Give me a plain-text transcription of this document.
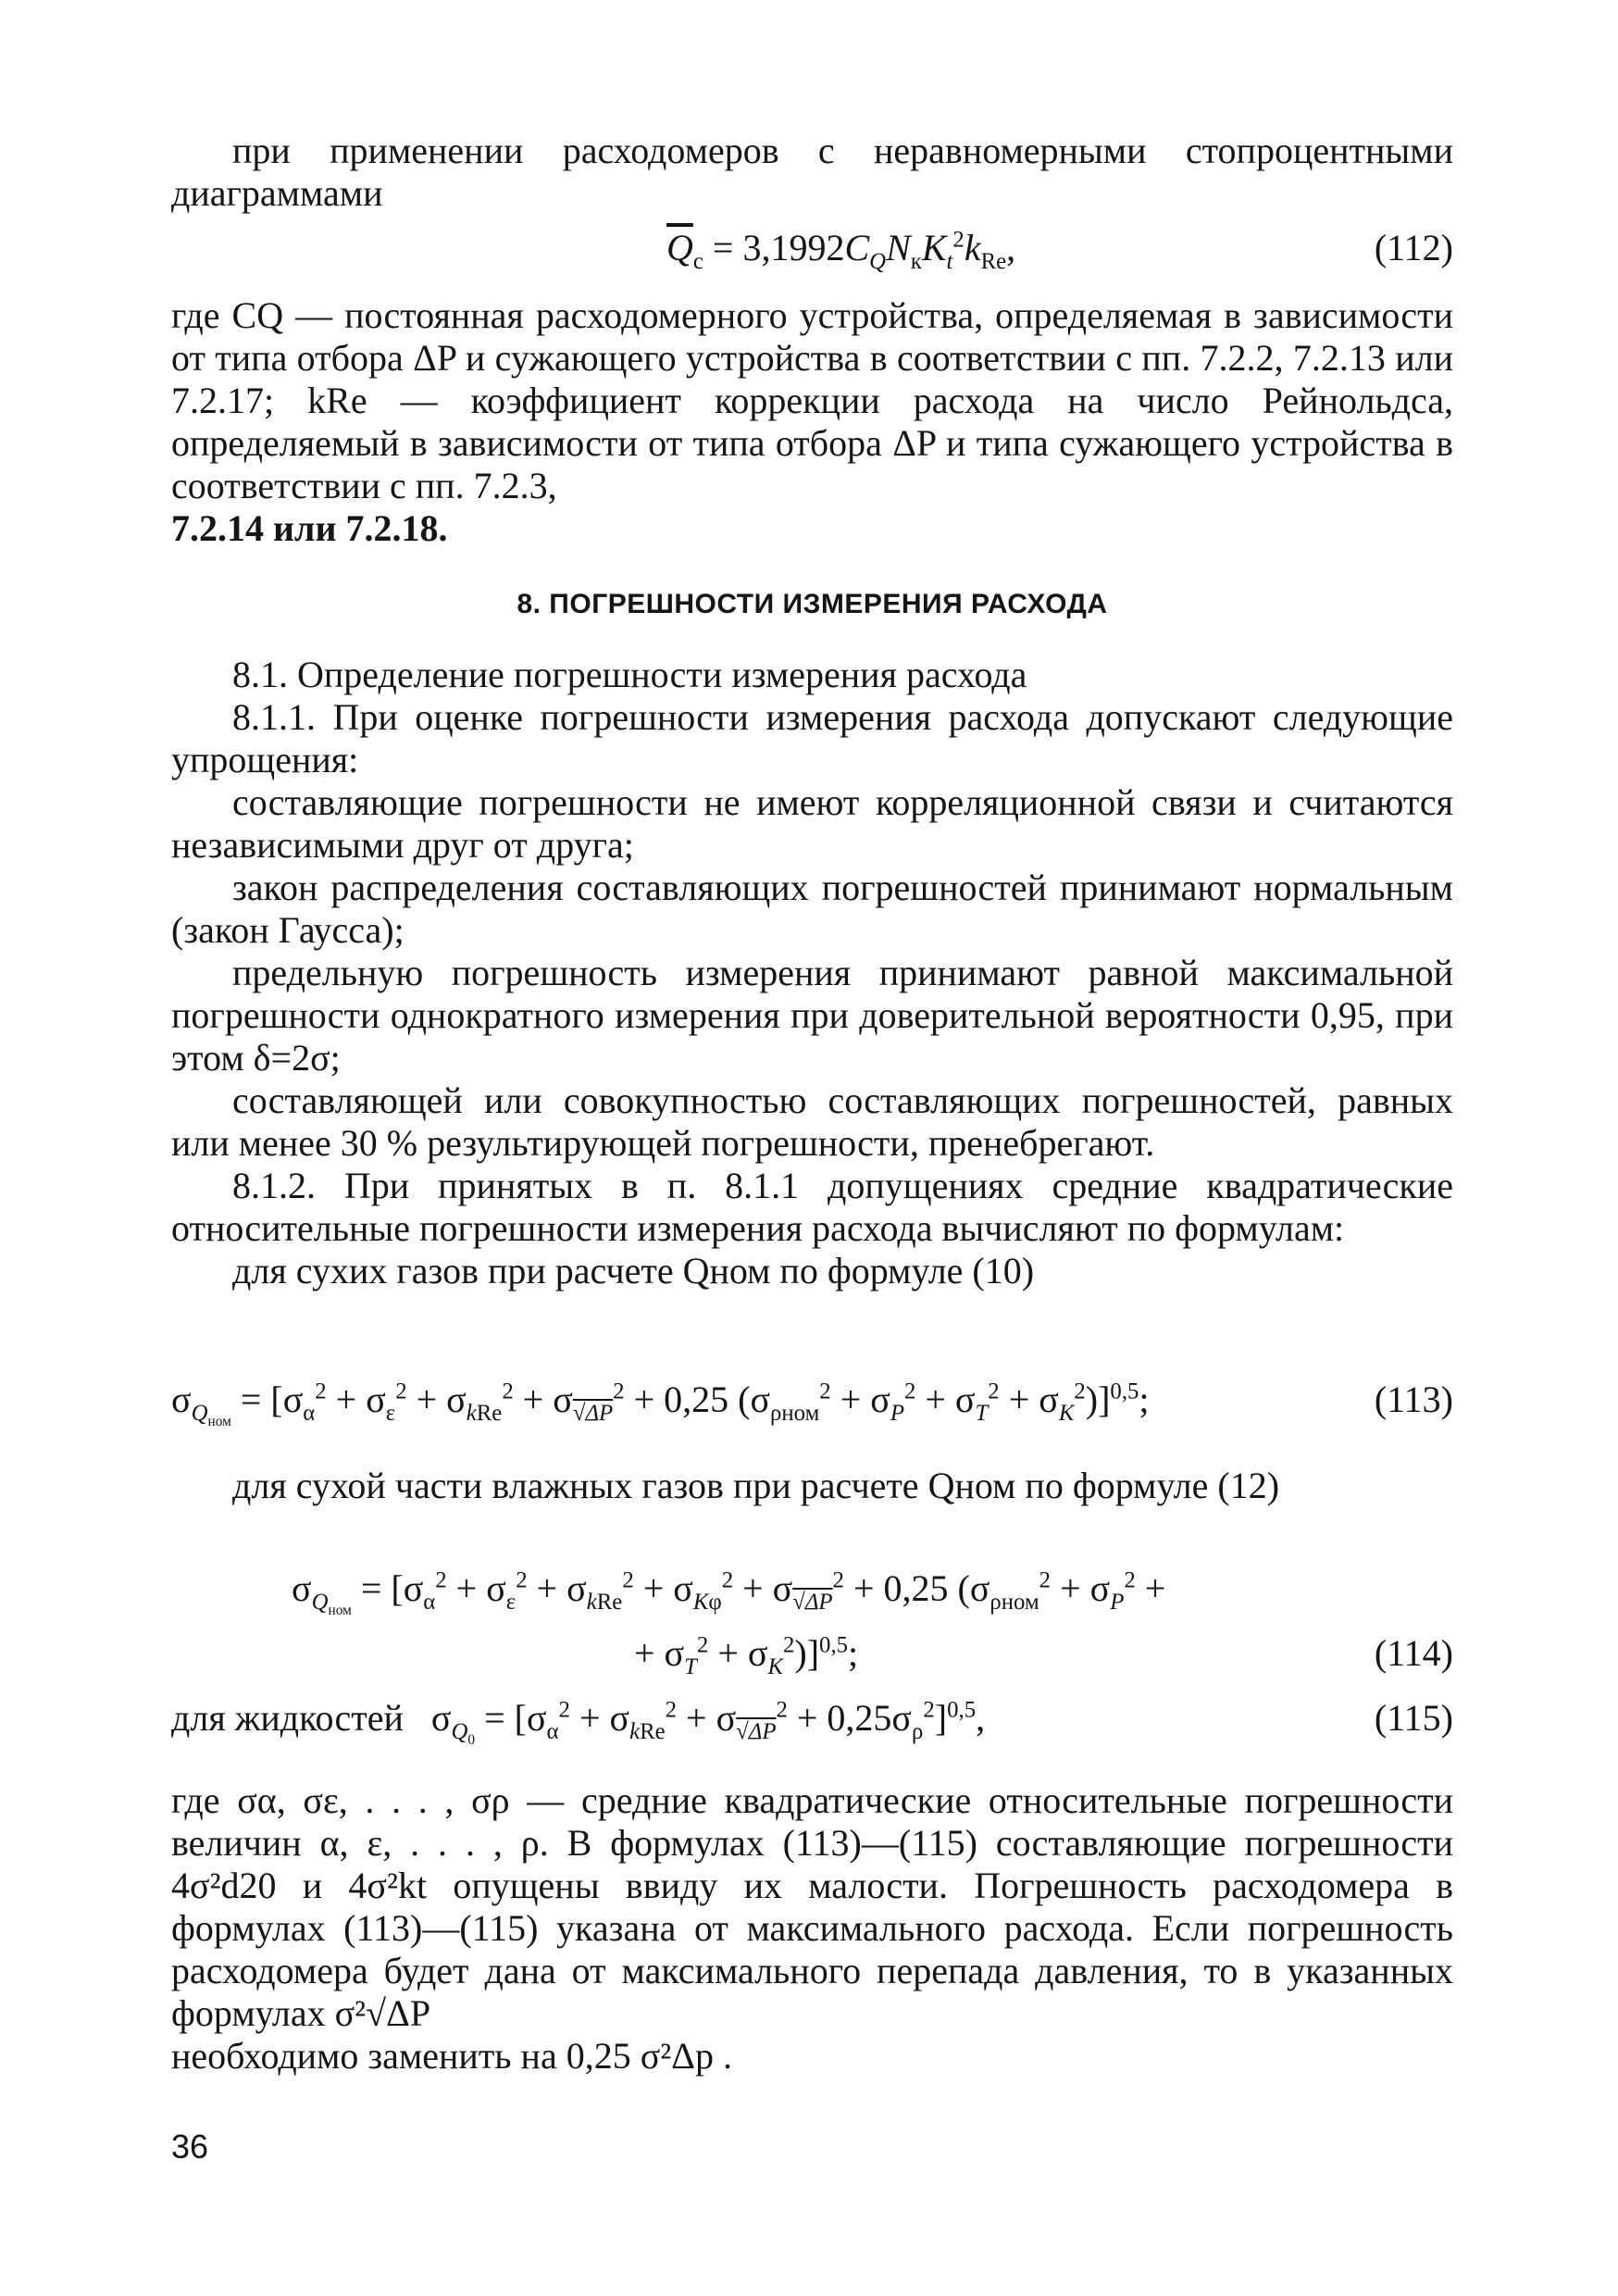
при применении расходомеров с неравномерными стопроцентными диаграммами

$\overline{Q}_с = 3,1992C_QN_кK_t^2k_{Re}$,	(112)

где CQ — постоянная расходомерного устройства, определяемая в зависимости от типа отбора ΔP и сужающего устройства в соответствии с пп. 7.2.2, 7.2.13 или 7.2.17; kRe — коэффициент коррекции расхода на число Рейнольдса, определяемый в зависимости от типа отбора ΔP и типа сужающего устройства в соответствии с пп. 7.2.3,

7.2.14 или 7.2.18.

8. ПОГРЕШНОСТИ ИЗМЕРЕНИЯ РАСХОДА

8.1. Определение погрешности измерения расхода

8.1.1. При оценке погрешности измерения расхода допускают следующие упрощения:

составляющие погрешности не имеют корреляционной связи и считаются независимыми друг от друга;

закон распределения составляющих погрешностей принимают нормальным (закон Гаусса);

предельную погрешность измерения принимают равной максимальной погрешности однократного измерения при доверительной вероятности 0,95, при этом δ=2σ;

составляющей или совокупностью составляющих погрешностей, равных или менее 30 % результирующей погрешности, пренебрегают.

8.1.2. При принятых в п. 8.1.1 допущениях средние квадратические относительные погрешности измерения расхода вычисляют по формулам:

для сухих газов при расчете Qном по формуле (10)

$\sigma_{Q_{ном}} = [\sigma_\alpha^2 + \sigma_\varepsilon^2 + \sigma_{kRe}^2 + \sigma_{√\Delta P}^2 + 0,25$ $(\sigma_{\rho ном}^2 + \sigma_P^2 + \sigma_T^2 + \sigma_K^2)]^{0,5}$;	(113)

для сухой части влажных газов при расчете Qном по формуле (12)

$\sigma_{Q_{ном}} = [\sigma_\alpha^2 + \sigma_\varepsilon^2 + \sigma_{kRe}^2 + \sigma_{K\varphi}^2 + \sigma_{√\Delta P}^2 + 0,25$ ($\sigma_{\rho ном}^2 + \sigma_P^2$ +
+ $\sigma_T^2 + \sigma_K^2)]^{0,5}$;	(114)
для жидкостей   $\sigma_{Q_0} = [\sigma_\alpha^2 + \sigma_{kRe}^2 + \sigma_{√\Delta P}^2 + 0,25\sigma_\rho^2]^{0,5}$,	(115)

где σα, σε, . . . , σρ — средние квадратические относительные погрешности величин α, ε, . . . , ρ. В формулах (113)—(115) составляющие погрешности 4σ²d20 и 4σ²kt опущены ввиду их малости. Погрешность расходомера в формулах (113)—(115) указана от максимального расхода. Если погрешность расходомера будет дана от максимального перепада давления, то в указанных формулах σ²√ΔP

необходимо заменить на 0,25 σ²Δp .

36
